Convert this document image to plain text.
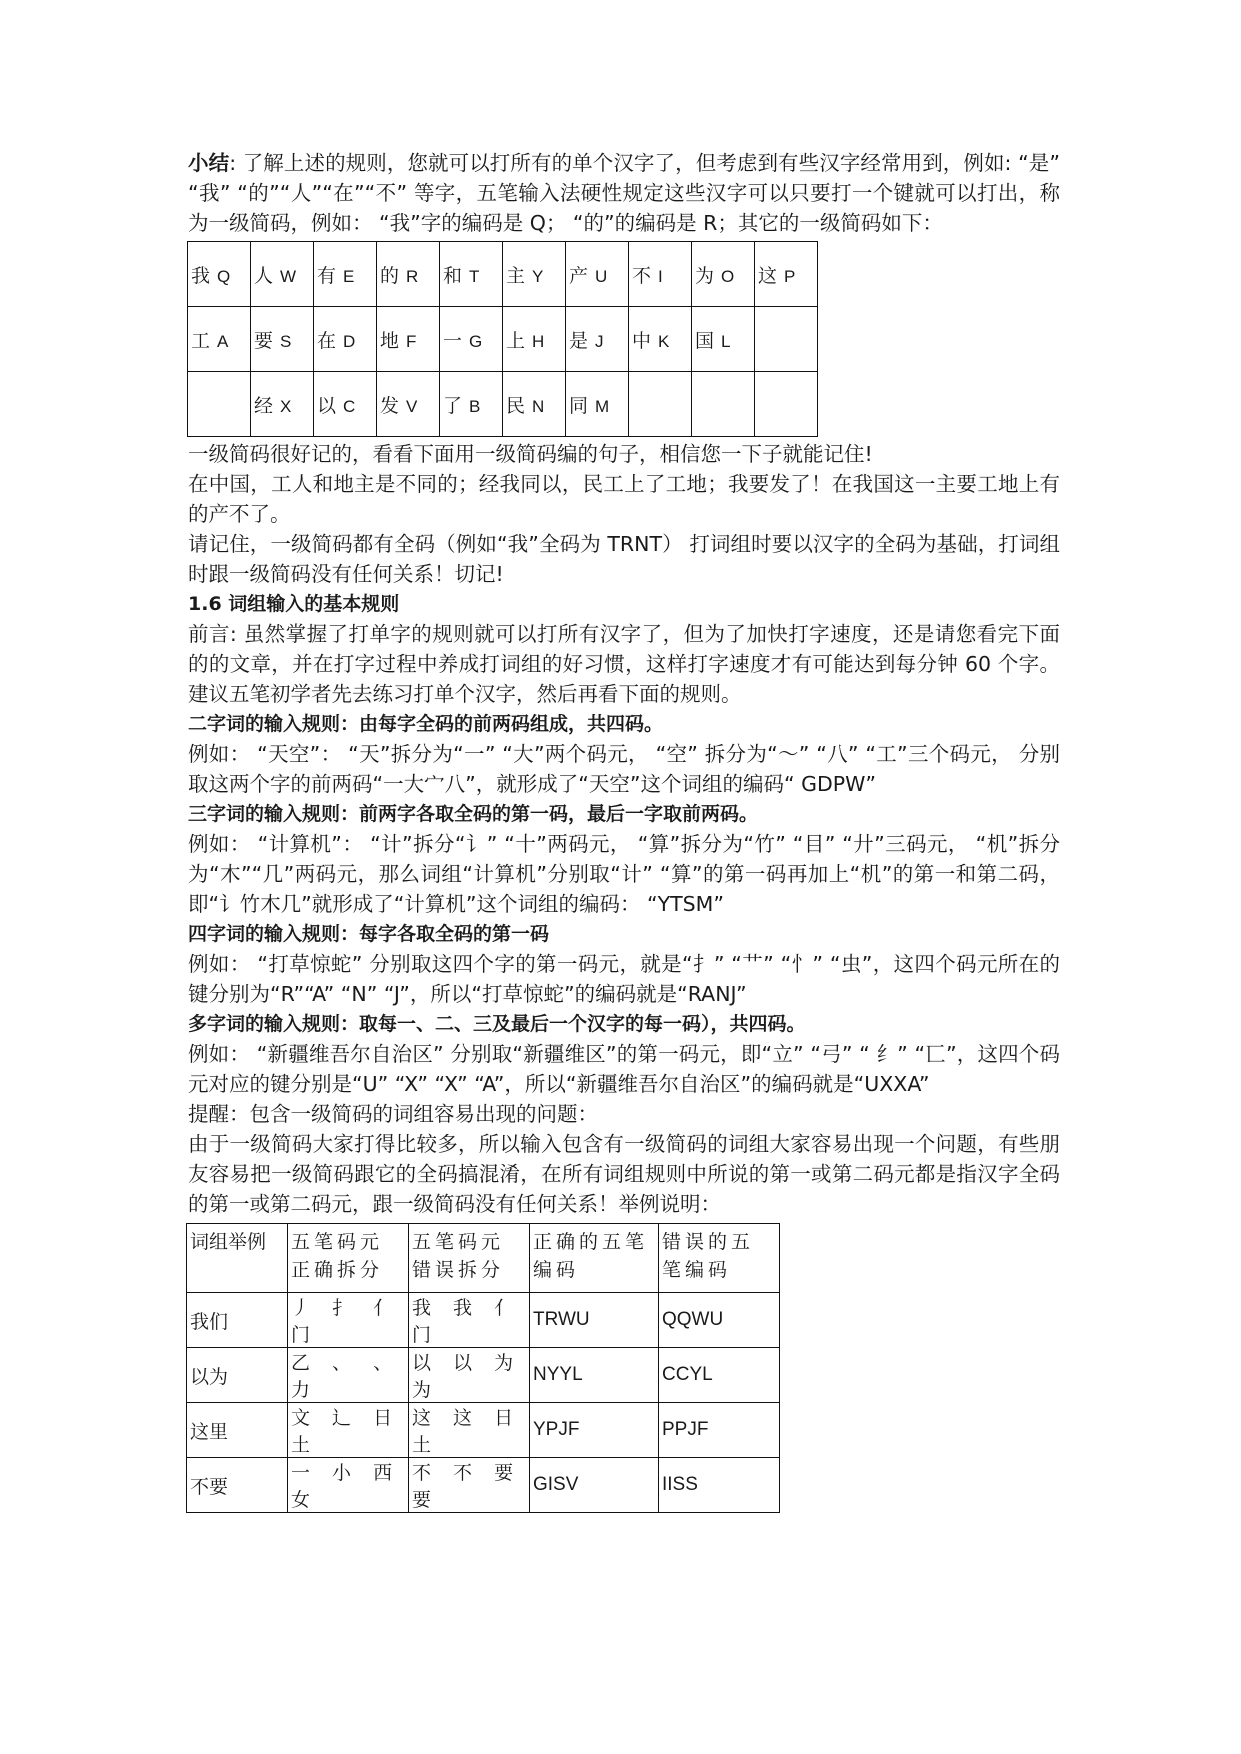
小结: 了解上述的规则，您就可以打所有的单个汉字了，但考虑到有些汉字经常用到，例如: “是” “我” “的”“人”“在”“不” 等字，五笔输入法硬性规定这些汉字可以只要打一个键就可以打出，称为一级简码，例如： “我”字的编码是 Q； “的”的编码是 R；其它的一级简码如下：

我 Q	人 W	有 E	的 R	和 T	主 Y	产 U	不 I	为 O	这 P
工 A	要 S	在 D	地 F	一 G	上 H	是 J	中 K	国 L	
	经 X	以 C	发 V	了 B	民 N	同 M			

一级简码很好记的，看看下面用一级简码编的句子，相信您一下子就能记住!

在中国，工人和地主是不同的；经我同以，民工上了工地；我要发了！在我国这一主要工地上有的产不了。

请记住，一级简码都有全码（例如“我”全码为 TRNT） 打词组时要以汉字的全码为基础，打词组时跟一级简码没有任何关系！切记!

1.6 词组输入的基本规则

前言: 虽然掌握了打单字的规则就可以打所有汉字了，但为了加快打字速度，还是请您看完下面的的文章，并在打字过程中养成打词组的好习惯，这样打字速度才有可能达到每分钟 60 个字。建议五笔初学者先去练习打单个汉字，然后再看下面的规则。

二字词的输入规则：由每字全码的前两码组成，共四码。

例如： “天空”： “天”拆分为“一” “大”两个码元， “空” 拆分为“～” “八” “工”三个码元， 分别取这两个字的前两码“一大宀八”，就形成了“天空”这个词组的编码“ GDPW”

三字词的输入规则：前两字各取全码的第一码，最后一字取前两码。

例如： “计算机”： “计”拆分“讠” “十”两码元， “算”拆分为“竹” “目” “廾”三码元， “机”拆分为“木”“几”两码元，那么词组“计算机”分别取“计” “算”的第一码再加上“机”的第一和第二码，即“讠竹木几”就形成了“计算机”这个词组的编码： “YTSM”

四字词的输入规则：每字各取全码的第一码

例如： “打草惊蛇” 分别取这四个字的第一码元，就是“扌” “艹” “忄” “虫”，这四个码元所在的键分别为“R”“A” “N” “J”，所以“打草惊蛇”的编码就是“RANJ”

多字词的输入规则：取每一、二、三及最后一个汉字的每一码），共四码。

例如： “新疆维吾尔自治区” 分别取“新疆维区”的第一码元，即“立” “弓” “ 纟” “匸”，这四个码元对应的键分别是“U” “X” “X” “A”，所以“新疆维吾尔自治区”的编码就是“UXXA”

提醒：包含一级简码的词组容易出现的问题：

由于一级简码大家打得比较多，所以输入包含有一级简码的词组大家容易出现一个问题，有些朋友容易把一级简码跟它的全码搞混淆，在所有词组规则中所说的第一或第二码元都是指汉字全码的第一或第二码元，跟一级简码没有任何关系！举例说明：

词组举例	五笔码元正确拆分	五笔码元错误拆分	正确的五笔编码	错误的五笔编码
我们	丿 扌 亻 门	我 我 亻 门	TRWU	QQWU
以为	乙 、 、 力	以 以 为 为	NYYL	CCYL
这里	文 辶 日 土	这 这 日 土	YPJF	PPJF
不要	一 小 西 女	不 不 要 要	GISV	IISS
